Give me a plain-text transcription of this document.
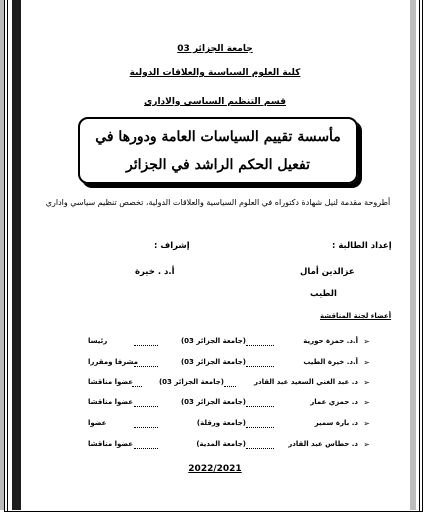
جامعة الجزائر 03
كلية العلوم السياسية والعلاقات الدولية
قسم التنظيم السياسي والاداري
مأسسة تقييم السياسات العامة ودورها في تفعيل الحكم الراشد في الجزائر
أطروحة مقدمة لنيل شهادة دكتوراه في العلوم السياسية والعلاقات الدولية، تخصص تنظيم سياسي واداري
إعداد الطالبة :
إشراف :
عزالدين أمال
الطيب
أ.د . خيرة
أعضاء لجنة المناقشة
➢
أ.د. حمزة حورية
(جامعة الجزائر 03)
رئيسا
➢
أ.د. خيرة الطيب
(جامعة الجزائر 03)
مشرفا ومقررا
➢
د. عبد الغني السعيد عبد القادر
(جامعة الجزائر 03)
عضوا مناقشا
➢
د. حمزي عمار
(جامعة الجزائر 03)
عضوا مناقشا
➢
د. بارة سمير
(جامعة ورقلة)
عضوا
➢
د. حطاس عبد القادر
(جامعة المدية)
عضوا مناقشا
2022/2021
